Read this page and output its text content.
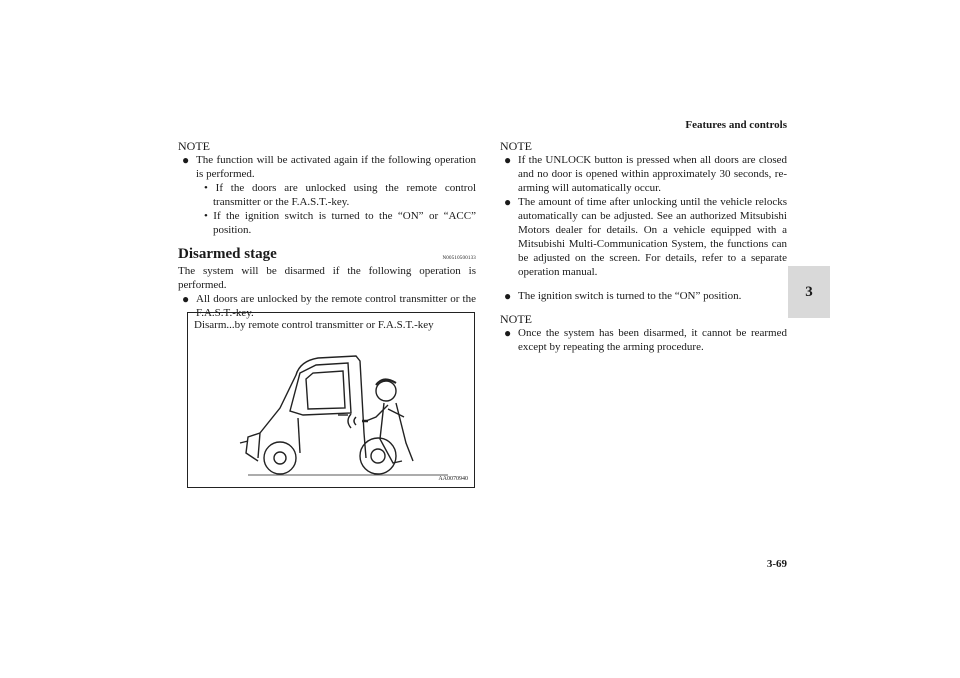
Features and controls
3
3-69
NOTE
● The function will be activated again if the following operation is performed.
• If the doors are unlocked using the remote control transmitter or the F.A.S.T.-key.
• If the ignition switch is turned to the “ON” or “ACC” position.
Disarmed stage	N00510500133
The system will be disarmed if the following operation is performed.
● All doors are unlocked by the remote control transmitter or the F.A.S.T.-key.
Disarm...by remote control transmitter or F.A.S.T.-key
AA0070940
NOTE
● If the UNLOCK button is pressed when all doors are closed and no door is opened within approximately 30 seconds, re-arming will automatically occur.
● The amount of time after unlocking until the vehicle relocks automatically can be adjusted. See an authorized Mitsubishi Motors dealer for details. On a vehicle equipped with a Mitsubishi Multi-Communication System, the functions can be adjusted on the screen. For details, refer to a separate operation manual.
● The ignition switch is turned to the “ON” position.
NOTE
● Once the system has been disarmed, it cannot be rearmed except by repeating the arming procedure.
